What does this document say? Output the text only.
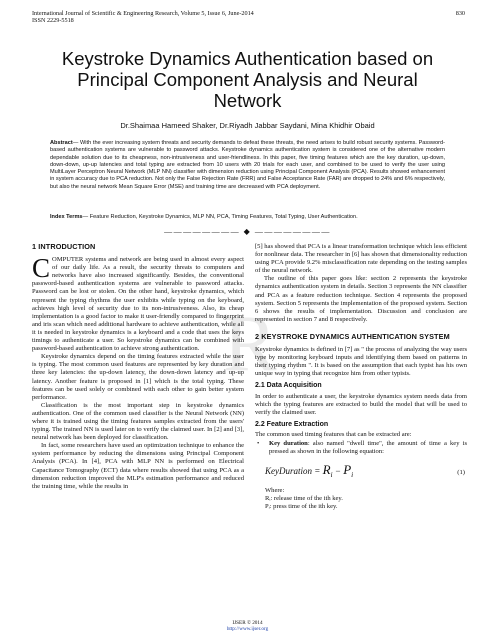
International Journal of Scientific & Engineering Research, Volume 5, Issue 6, June-2014
ISSN 2229-5518
830
Keystroke Dynamics Authentication based on
Principal Component Analysis and Neural
Network
Dr.Shaimaa Hameed Shaker, Dr.Riyadh Jabbar Saydani, Mina Khidhir Obaid
Abstract— With the ever increasing system threats and security demands to defeat these threats, the need arises to build robust security systems. Password-based authentication systems are vulnerable to password attacks. Keystroke dynamics authentication system is considered one of the alternative modern dependable solution due to its cheapness, non-intrusiveness and user-friendliness. In this paper, five timing features which are the key duration, up-down, down-down, up-up latencies and total typing are extracted from 10 users with 20 trials for each user, and combined to be used to verify the user using MultiLayer Perceptron Neural Network (MLP NN) classifier with dimension reduction using Principal Component Analysis (PCA). Results showed enhancement in system accuracy due to PCA reduction. Not only the False Rejection Rate (FRR) and False Acceptance Rate (FAR) are dropped to 24% and 6% respectively, but also the neural network Mean Square Error (MSE) and training time are decreased with PCA deployment.
Index Terms— Feature Reduction, Keystroke Dynamics, MLP NN, PCA, Timing Features, Total Typing, User Authentication.
———————— ◆ ————————
R
1 INTRODUCTION

COMPUTER systems and network are being used in almost every aspect of our daily life. As a result, the security threats to computers and networks have also increased significantly. Besides, the conventional password-based authentication systems are vulnerable to password attacks. Password can be lost or stolen. On the other hand, keystroke dynamics, which represent the typing rhythms the user exhibits while typing on the keyboard, achieves high level of security due to its non-intrusiveness. Also, its cheap implementation is a good factor to make it user-friendly compared to fingerprint and iris scan which need additional hardware to achieve authentication, while all it is needed in keystroke dynamics is a keyboard and a code that uses the keys timings to authenticate a user. So keystroke dynamics can be combined with password-based authentication to achieve strong authentication.

Keystroke dynamics depend on the timing features extracted while the user is typing. The most common used features are represented by key duration and three key latencies: the up-down latency, the down-down latency and up-up latency. Another feature is proposed in [1] which is the total typing. These features can be used solely or combined with each other to gain better system performance.

Classification is the most important step in keystroke dynamics authentication. One of the common used classifier is the Neural Network (NN) where it is trained using the timing features samples extracted from the users' typing. The trained NN is used later on to verify the claimed user. In [2] and [3], neural network has been deployed for classification.

In fact, some researchers have used an optimization technique to enhance the system performance by reducing the dimensions using Principal Component Analysis (PCA). In [4], PCA with MLP NN is performed on Electrical Capacitance Tomography (ECT) data where results showed that using PCA as a dimension reduction improved the MLP's estimation performance and reduced the training time, while the results in

[5] has showed that PCA is a linear transformation technique which less efficient for nonlinear data. The researcher in [6] has shown that dimensionality reduction using PCA provide 9.2% misclassification rate depending on the testing samples of the neural network.

The outline of this paper goes like: section 2 represents the keystroke dynamics authentication system in details. Section 3 represents the NN classifier and PCA as a feature reduction technique. Section 4 represents the proposed system. Section 5 represents the implementation of the proposed system. Section 6 shows the results of implementation. Discussion and conclusion are represented in section 7 and 8 respectively.

2 KEYSTROKE DYNAMICS AUTHENTICATION SYSTEM

Keystroke dynamics is defined in [7] as " the process of analyzing the way users type by monitoring keyboard inputs and identifying them based on patterns in their typing rhythm ". It is based on the assumption that each typist has his own unique way in typing that recognize him from other typists.

2.1 Data Acquisition

In order to authenticate a user, the keystroke dynamics system needs data from which the typing features are extracted to build the model that will be used to verify the claimed user.

2.2 Feature Extraction

The common used timing features that can be extracted are:

•	Key duration: also named "dwell time", the amount of time a key is pressed as shown in the following equation:
KeyDuration = $R_i - P_i$	(1)
Where:
Rᵢ: release time of the ith key.
Pᵢ: press time of the ith key.
IJSER © 2014
http://www.ijser.org
